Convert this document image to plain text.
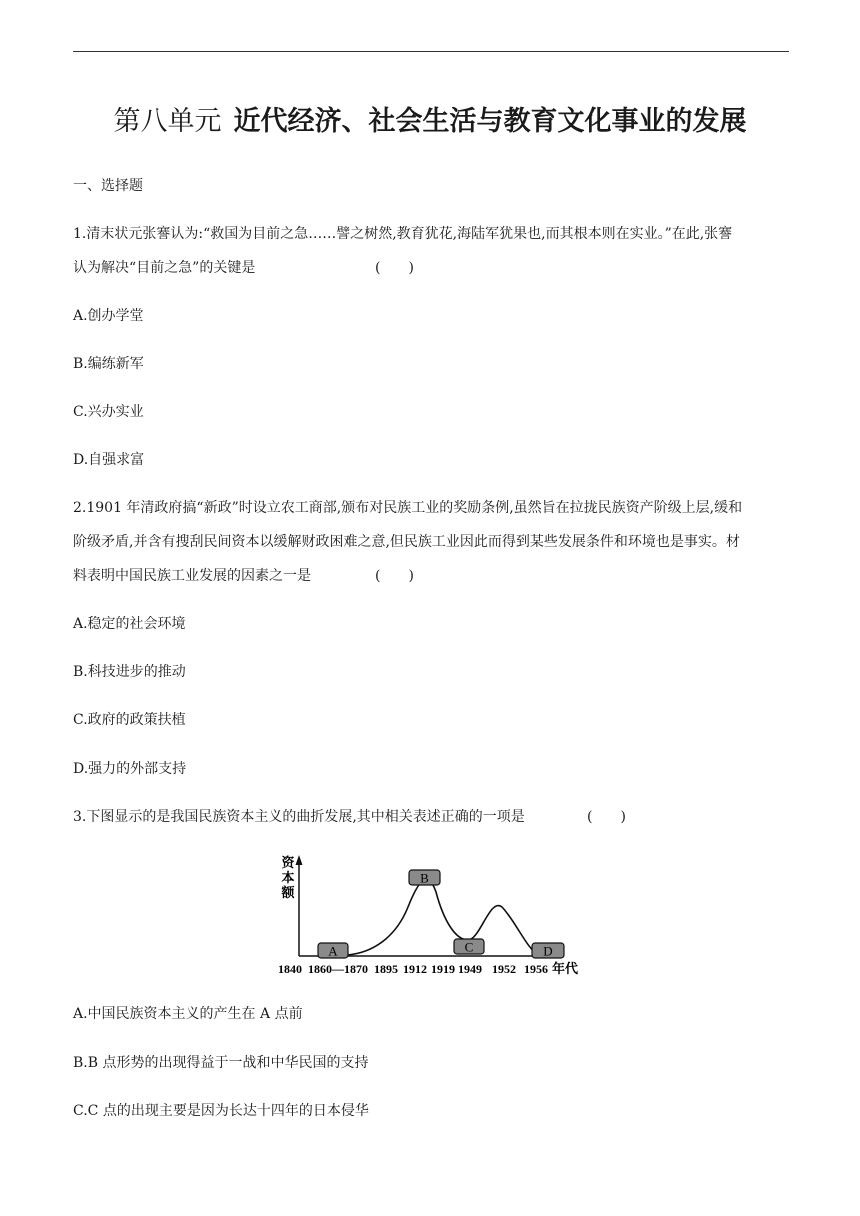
第八单元 近代经济、社会生活与教育文化事业的发展
一、选择题
1.清末状元张謇认为:“救国为目前之急……譬之树然,教育犹花,海陆军犹果也,而其根本则在实业。”在此,张謇
认为解决“目前之急”的关键是	(　　)
A.创办学堂
B.编练新军
C.兴办实业
D.自强求富
2.1901 年清政府搞“新政”时设立农工商部,颁布对民族工业的奖励条例,虽然旨在拉拢民族资产阶级上层,缓和
阶级矛盾,并含有搜刮民间资本以缓解财政困难之意,但民族工业因此而得到某些发展条件和环境也是事实。材
料表明中国民族工业发展的因素之一是	(　　)
A.稳定的社会环境
B.科技进步的推动
C.政府的政策扶植
D.强力的外部支持
3.下图显示的是我国民族资本主义的曲折发展,其中相关表述正确的一项是	(　　)
资
本
额
A
B
C	D
1840 1860—1870 1895 1912 1919 1949 1952 1956 年代
A.中国民族资本主义的产生在 A 点前
B.B 点形势的出现得益于一战和中华民国的支持
C.C 点的出现主要是因为长达十四年的日本侵华
